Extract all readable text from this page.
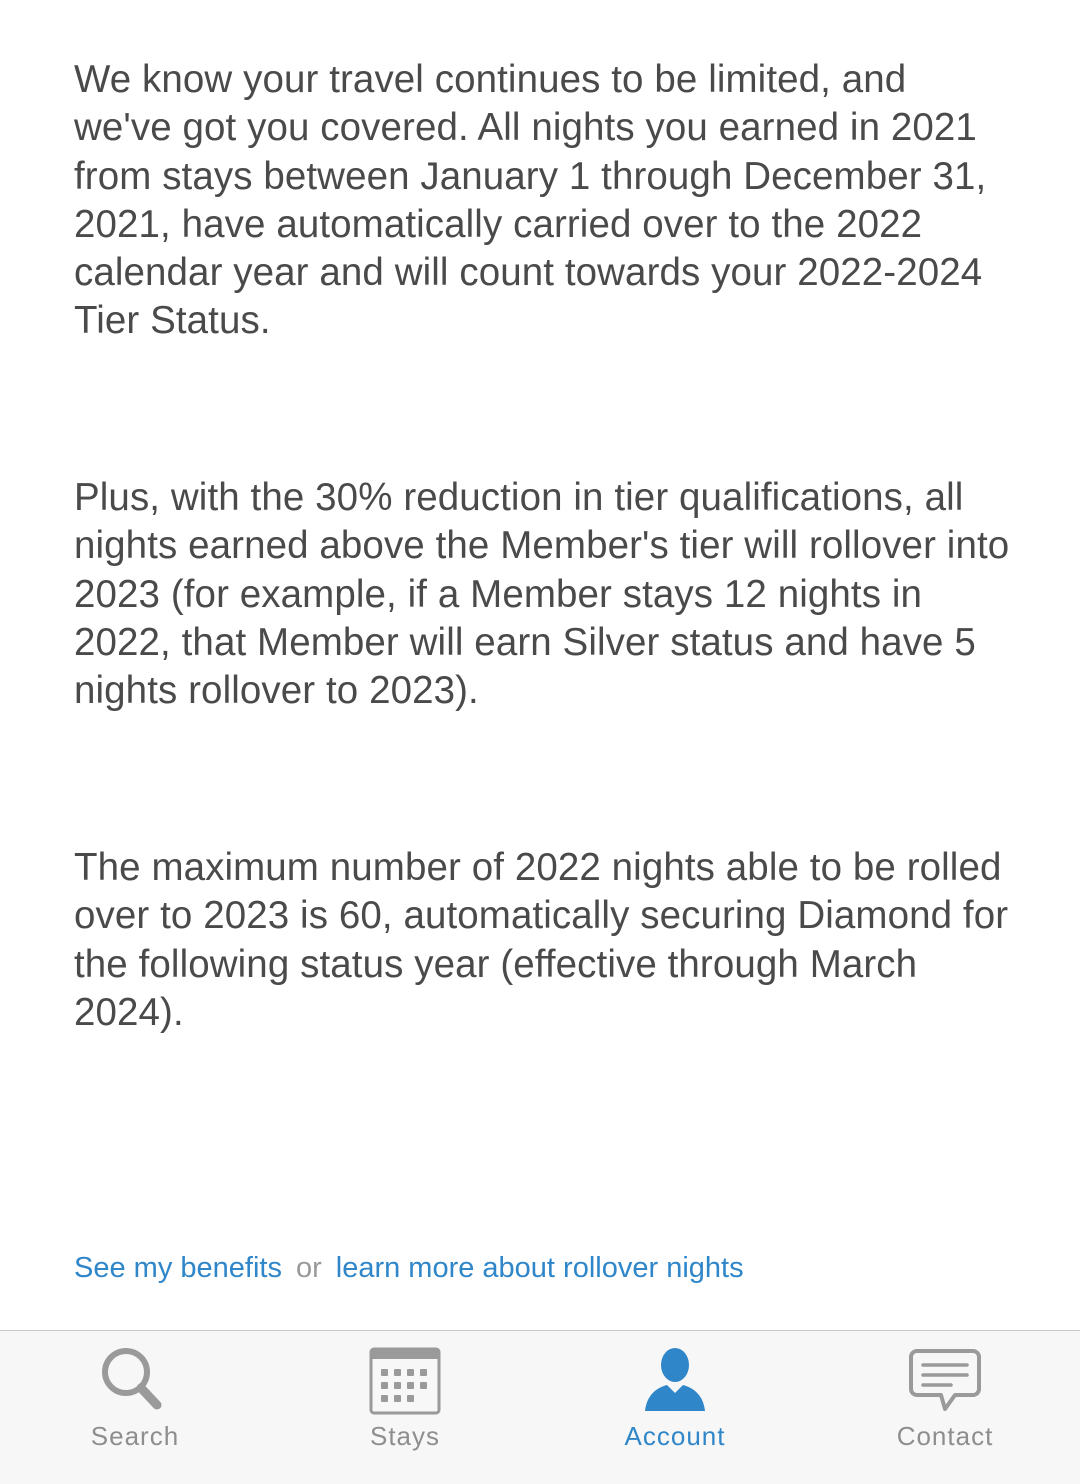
We know your travel continues to be limited, and we've got you covered. All nights you earned in 2021 from stays between January 1 through December 31, 2021, have automatically carried over to the 2022 calendar year and will count towards your 2022-2024 Tier Status.

Plus, with the 30% reduction in tier qualifications, all nights earned above the Member's tier will rollover into 2023 (for example, if a Member stays 12 nights in 2022, that Member will earn Silver status and have 5 nights rollover to 2023).

The maximum number of 2022 nights able to be rolled over to 2023 is 60, automatically securing Diamond for the following status year (effective through March 2024).

See my benefits or learn more about rollover nights
Search	Stays	Account	Contact
